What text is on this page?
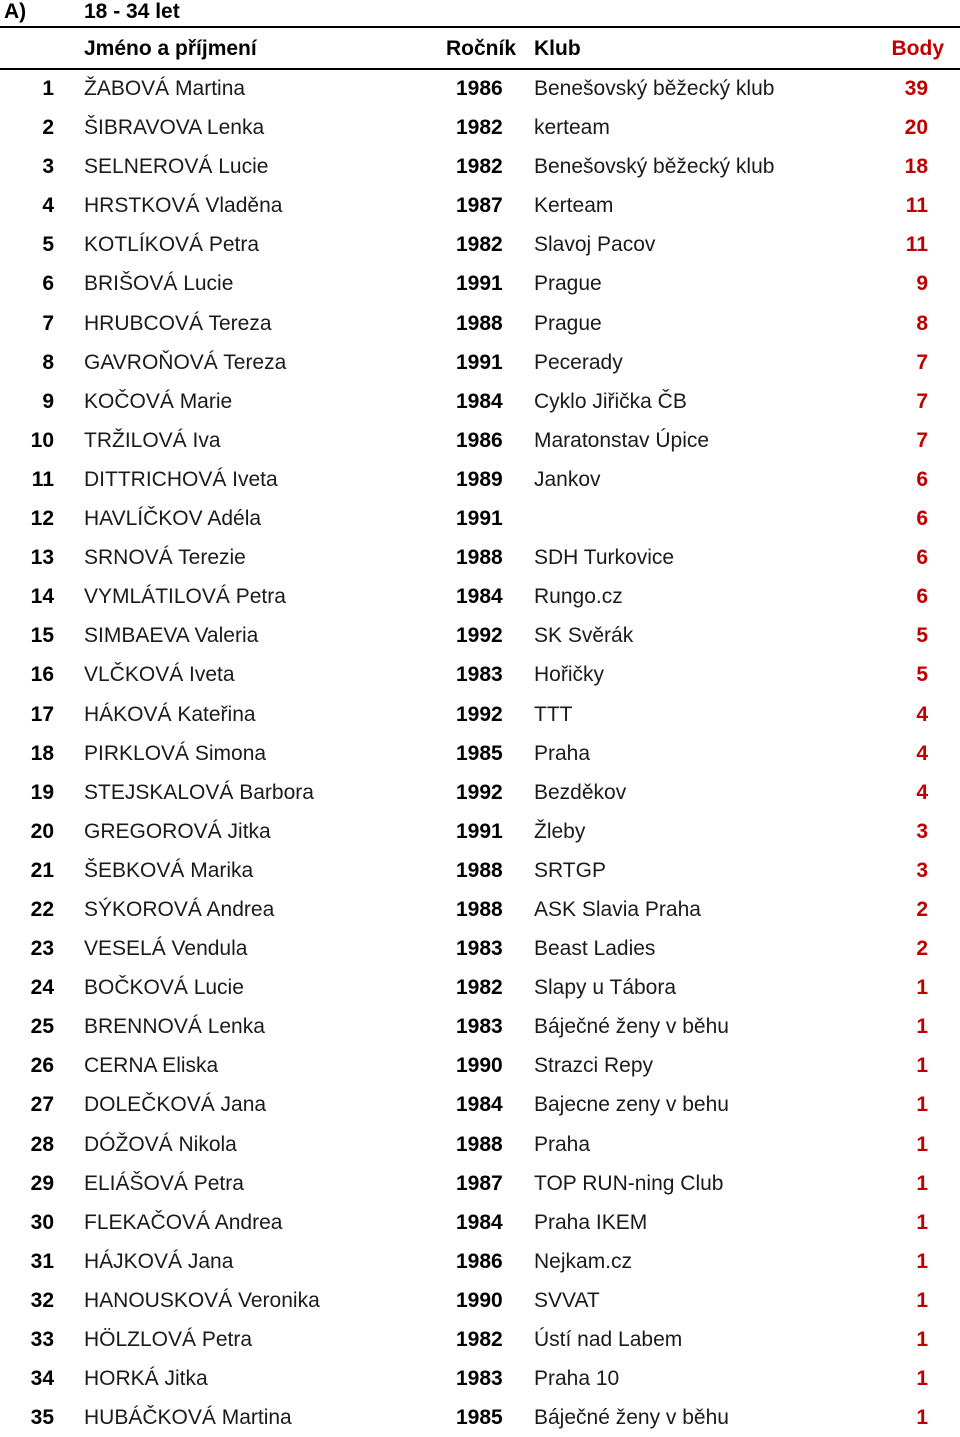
A)	18 - 34 let
Jméno a příjmení	Ročník Klub	Body
1 ŽABOVÁ Martina	1986 Benešovský běžecký klub	39
2 ŠIBRAVOVA Lenka	1982 kerteam	20
3 SELNEROVÁ Lucie	1982 Benešovský běžecký klub	18
4 HRSTKOVÁ Vladěna	1987 Kerteam	11
5 KOTLÍKOVÁ Petra	1982 Slavoj Pacov	11
6 BRIŠOVÁ Lucie	1991 Prague	9
7 HRUBCOVÁ Tereza	1988 Prague	8
8 GAVROŇOVÁ Tereza	1991 Pecerady	7
9 KOČOVÁ Marie	1984 Cyklo Jiřička ČB	7
10 TRŽILOVÁ Iva	1986 Maratonstav Úpice	7
11 DITTRICHOVÁ Iveta	1989 Jankov	6
12 HAVLÍČKOV Adéla	1991	6
13 SRNOVÁ Terezie	1988 SDH Turkovice	6
14 VYMLÁTILOVÁ Petra	1984 Rungo.cz	6
15 SIMBAEVA Valeria	1992 SK Svěrák	5
16 VLČKOVÁ Iveta	1983 Hořičky	5
17 HÁKOVÁ Kateřina	1992 TTT	4
18 PIRKLOVÁ Simona	1985 Praha	4
19 STEJSKALOVÁ Barbora	1992 Bezděkov	4
20 GREGOROVÁ Jitka	1991 Žleby	3
21 ŠEBKOVÁ Marika	1988 SRTGP	3
22 SÝKOROVÁ Andrea	1988 ASK Slavia Praha	2
23 VESELÁ Vendula	1983 Beast Ladies	2
24 BOČKOVÁ Lucie	1982 Slapy u Tábora	1
25 BRENNOVÁ Lenka	1983 Báječné ženy v běhu	1
26 CERNA Eliska	1990 Strazci Repy	1
27 DOLEČKOVÁ Jana	1984 Bajecne zeny v behu	1
28 DÓŽOVÁ Nikola	1988 Praha	1
29 ELIÁŠOVÁ Petra	1987 TOP RUN-ning Club	1
30 FLEKAČOVÁ Andrea	1984 Praha IKEM	1
31 HÁJKOVÁ Jana	1986 Nejkam.cz	1
32 HANOUSKOVÁ Veronika	1990 SVVAT	1
33 HÖLZLOVÁ Petra	1982 Ústí nad Labem	1
34 HORKÁ Jitka	1983 Praha 10	1
35 HUBÁČKOVÁ Martina	1985 Báječné ženy v běhu	1
